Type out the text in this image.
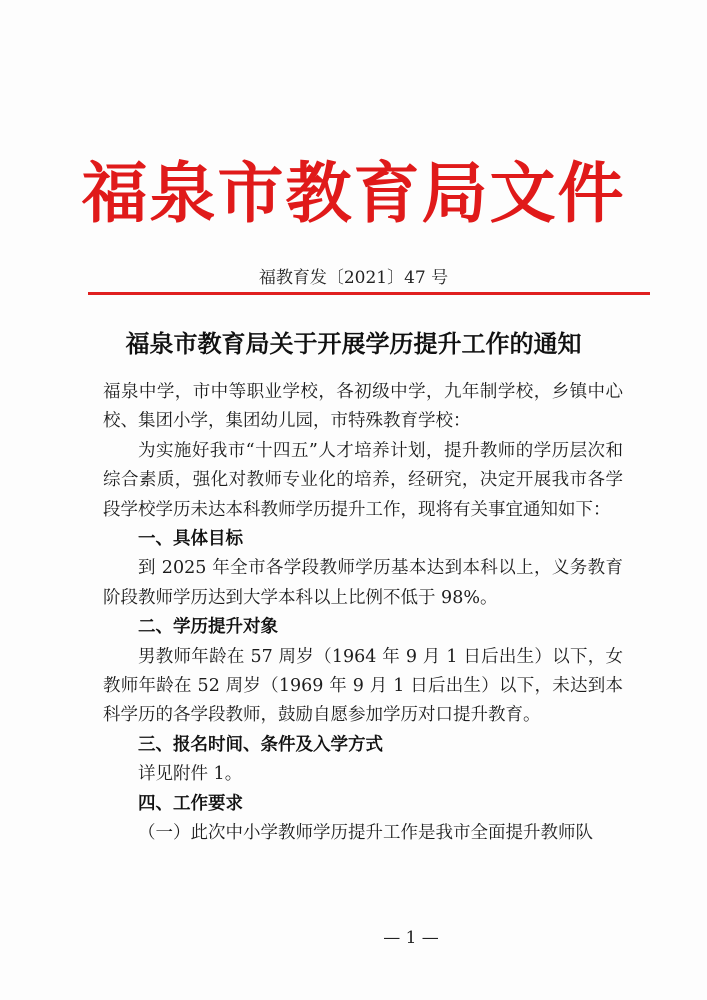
福泉市教育局文件
福教育发〔2021〕47 号
福泉市教育局关于开展学历提升工作的通知

福泉中学，市中等职业学校，各初级中学，九年制学校，乡镇中心校、集团小学，集团幼儿园，市特殊教育学校：

为实施好我市“十四五”人才培养计划，提升教师的学历层次和综合素质，强化对教师专业化的培养，经研究，决定开展我市各学段学校学历未达本科教师学历提升工作，现将有关事宜通知如下：

一、具体目标

到 2025 年全市各学段教师学历基本达到本科以上，义务教育阶段教师学历达到大学本科以上比例不低于 98%。

二、学历提升对象

男教师年龄在 57 周岁（1964 年 9 月 1 日后出生）以下，女教师年龄在 52 周岁（1969 年 9 月 1 日后出生）以下，未达到本科学历的各学段教师，鼓励自愿参加学历对口提升教育。

三、报名时间、条件及入学方式

详见附件 1。

四、工作要求

（一）此次中小学教师学历提升工作是我市全面提升教师队

— 1 —
